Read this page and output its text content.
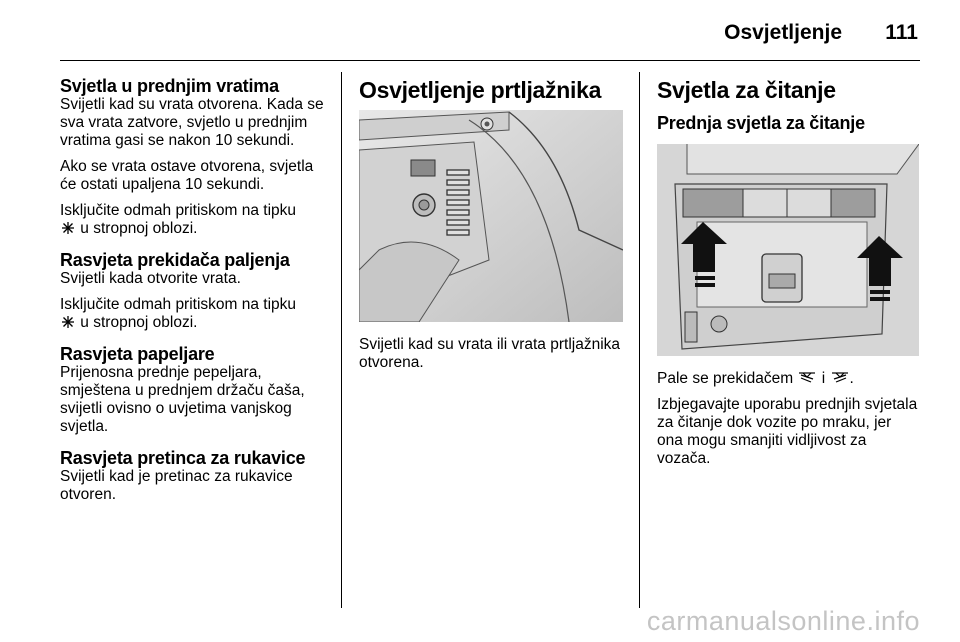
Osvjetljenje 111
Svjetla u prednjim vratima

Svijetli kad su vrata otvorena. Kada se sva vrata zatvore, svjetlo u prednjim vratima gasi se nakon 10 sekundi.

Ako se vrata ostave otvorena, svjetla će ostati upaljena 10 sekundi.

Isključite odmah pritiskom na tipku
u stropnoj oblozi.

Rasvjeta prekidača paljenja

Svijetli kada otvorite vrata.

Isključite odmah pritiskom na tipku
u stropnoj oblozi.

Rasvjeta papeljare

Prijenosna prednje pepeljara, smještena u prednjem držaču čaša, svijetli ovisno o uvjetima vanjskog svjetla.

Rasvjeta pretinca za rukavice

Svijetli kad je pretinac za rukavice otvoren.

Osvjetljenje prtljažnika

Svijetli kad su vrata ili vrata prtljažnika otvorena.

Svjetla za čitanje
Prednja svjetla za čitanje

Pale se prekidačem  i .

Izbjegavajte uporabu prednjih svjetala za čitanje dok vozite po mraku, jer ona mogu smanjiti vidljivost za vozača.

carmanualsonline.info
